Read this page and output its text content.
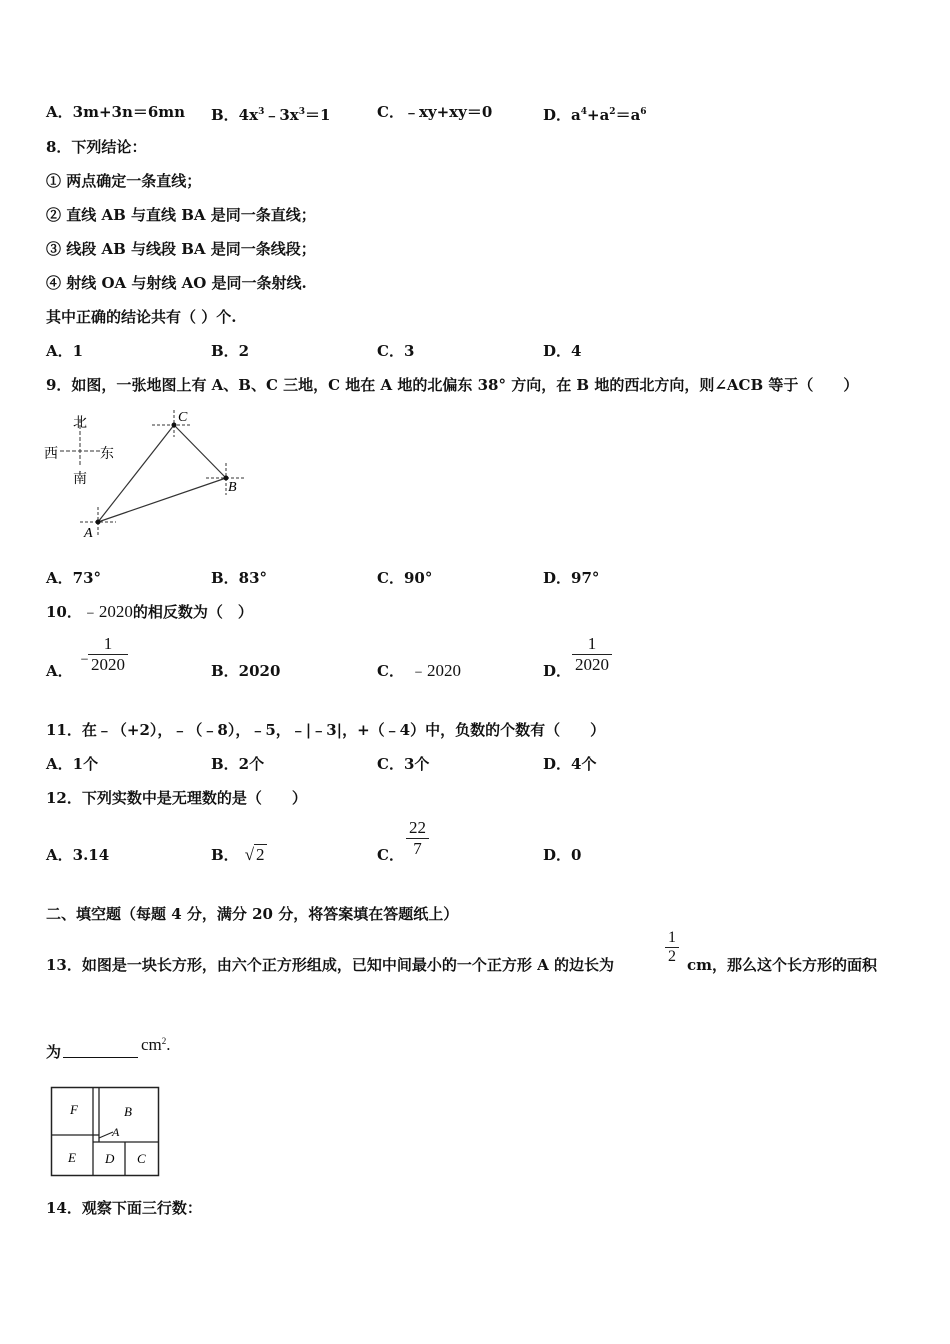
A．3m+3n＝6mn B．$4x^3﹣3x^3=1$	C．﹣xy+xy＝0	D．$a^4+a^2=a^6$
8．下列结论：
① 两点确定一条直线；
② 直线 AB 与直线 BA 是同一条直线；
③ 线段 AB 与线段 BA 是同一条线段；
④ 射线 OA 与射线 AO 是同一条射线.
其中正确的结论共有（ ）个.
A．1	B．2	C．3	D．4
9．如图，一张地图上有 A、B、C 三地，C 地在 A 地的北偏东 38° 方向，在 B 地的西北方向，则∠ACB 等于（　　）
北
西	东
南
A
C
B
A．73°	B．83°	C．90°	D．97°
10．﹣2020的相反数为（　）
A．
﹣
1
2020	B．2020	C． ﹣2020	D．
1
2020
11．在﹣（+2），﹣（﹣8），﹣5，﹣|﹣3|，+（﹣4）中，负数的个数有（　　）
A．1个	B．2个	C．3个	D．4个
12．下列实数中是无理数的是（　　）
A．3.14	B． √ 2	C．
22
7	D．0
二、填空题（每题 4 分，满分 20 分，将答案填在答题纸上）
13．如图是一块长方形，由六个正方形组成，已知中间最小的一个正方形 A 的边长为
1
2 cm，那么这个长方形的面积
为	$cm^2$.
F	B
A
E D C
14．观察下面三行数：
